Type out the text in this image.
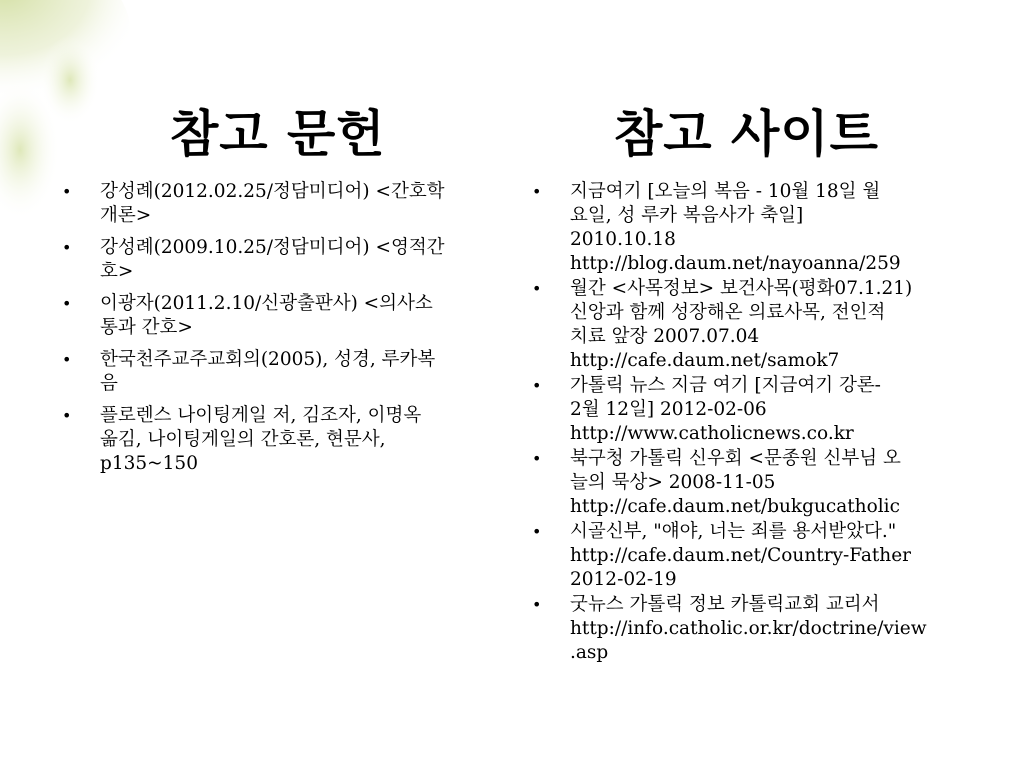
참고 문헌	참고 사이트
• 강성례(2012.02.25/정담미디어) <간호학
개론>
• 강성례(2009.10.25/정담미디어) <영적간
호>
• 이광자(2011.2.10/신광출판사) <의사소
통과 간호>
• 한국천주교주교회의(2005), 성경, 루카복
음
• 플로렌스 나이팅게일 저, 김조자, 이명옥
옮김, 나이팅게일의 간호론, 현문사,
p135~150
• 지금여기 [오늘의 복음 - 10월 18일 월
요일, 성 루카 복음사가 축일]
2010.10.18
http://blog.daum.net/nayoanna/259
• 월간 <사목정보> 보건사목(평화07.1.21)
신앙과 함께 성장해온 의료사목, 전인적
치료 앞장 2007.07.04
http://cafe.daum.net/samok7
• 가톨릭 뉴스 지금 여기 [지금여기 강론-
2월 12일] 2012-02-06
http://www.catholicnews.co.kr
• 북구청 가톨릭 신우회 <문종원 신부님 오
늘의 묵상> 2008-11-05
http://cafe.daum.net/bukgucatholic
• 시골신부, "얘야, 너는 죄를 용서받았다."
http://cafe.daum.net/Country-Father
2012-02-19
• 굿뉴스 가톨릭 정보 카톨릭교회 교리서
http://info.catholic.or.kr/doctrine/view
.asp
